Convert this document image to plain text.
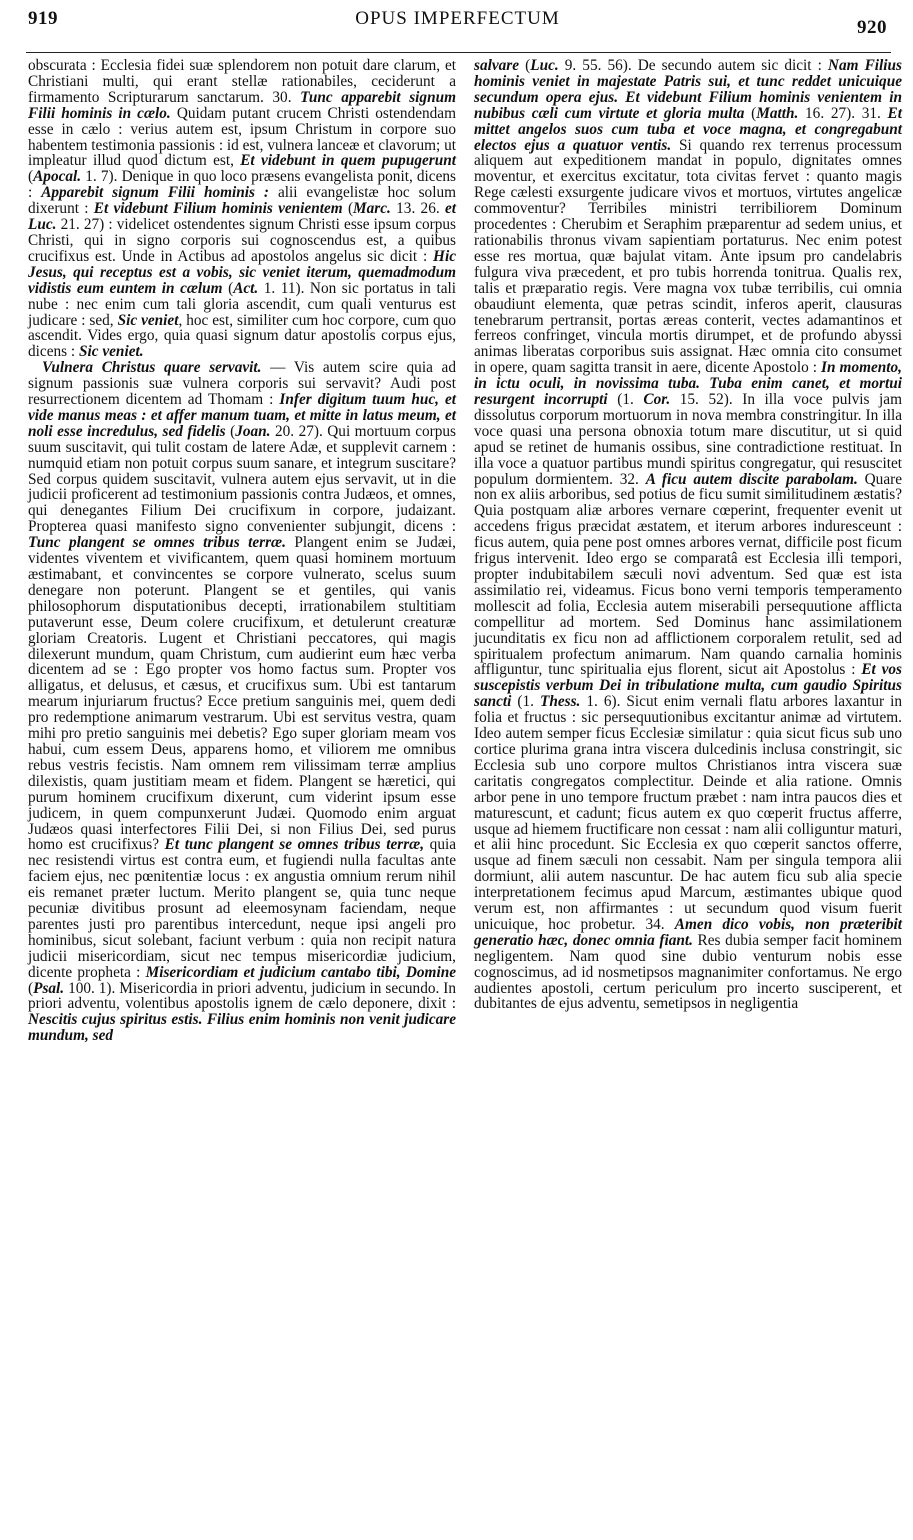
919	OPUS IMPERFECTUM	920

obscurata : Ecclesia fidei suæ splendorem non potuit dare clarum, et Christiani multi, qui erant stellæ rationabiles, ceciderunt a firmamento Scripturarum sanctarum. 30. Tunc apparebit signum Filii hominis in cælo. Quidam putant crucem Christi ostendendam esse in cælo : verius autem est, ipsum Christum in corpore suo habentem testimonia passionis : id est, vulnera lanceæ et clavorum; ut impleatur illud quod dictum est, Et videbunt in quem pupugerunt (Apocal. 1. 7). Denique in quo loco præsens evangelista ponit, dicens : Apparebit signum Filii hominis : alii evangelistæ hoc solum dixerunt : Et videbunt Filium hominis venientem (Marc. 13. 26. et Luc. 21. 27) : videlicet ostendentes signum Christi esse ipsum corpus Christi, qui in signo corporis sui cognoscendus est, a quibus crucifixus est. Unde in Actibus ad apostolos angelus sic dicit : Hic Jesus, qui receptus est a vobis, sic veniet iterum, quemadmodum vidistis eum euntem in cælum (Act. 1. 11). Non sic portatus in tali nube : nec enim cum tali gloria ascendit, cum quali venturus est judicare : sed, Sic veniet, hoc est, similiter cum hoc corpore, cum quo ascendit. Vides ergo, quia quasi signum datur apostolis corpus ejus, dicens : Sic veniet.

Vulnera Christus quare servavit. — Vis autem scire quia ad signum passionis suæ vulnera corporis sui servavit? Audi post resurrectionem dicentem ad Thomam : Infer digitum tuum huc, et vide manus meas : et affer manum tuam, et mitte in latus meum, et noli esse incredulus, sed fidelis (Joan. 20. 27). Qui mortuum corpus suum suscitavit, qui tulit costam de latere Adæ, et supplevit carnem : numquid etiam non potuit corpus suum sanare, et integrum suscitare? Sed corpus quidem suscitavit, vulnera autem ejus servavit, ut in die judicii proficerent ad testimonium passionis contra Judæos, et omnes, qui denegantes Filium Dei crucifixum in corpore, judaizant. Propterea quasi manifesto signo convenienter subjungit, dicens : Tunc plangent se omnes tribus terræ. Plangent enim se Judæi, videntes viventem et vivificantem, quem quasi hominem mortuum æstimabant, et convincentes se corpore vulnerato, scelus suum denegare non poterunt. Plangent se et gentiles, qui vanis philosophorum disputationibus decepti, irrationabilem stultitiam putaverunt esse, Deum colere crucifixum, et detulerunt creaturæ gloriam Creatoris. Lugent et Christiani peccatores, qui magis dilexerunt mundum, quam Christum, cum audierint eum hæc verba dicentem ad se : Ego propter vos homo factus sum. Propter vos alligatus, et delusus, et cæsus, et crucifixus sum. Ubi est tantarum mearum injuriarum fructus? Ecce pretium sanguinis mei, quem dedi pro redemptione animarum vestrarum. Ubi est servitus vestra, quam mihi pro pretio sanguinis mei debetis? Ego super gloriam meam vos habui, cum essem Deus, apparens homo, et viliorem me omnibus rebus vestris fecistis. Nam omnem rem vilissimam terræ amplius dilexistis, quam justitiam meam et fidem. Plangent se hæretici, qui purum hominem crucifixum dixerunt, cum viderint ipsum esse judicem, in quem compunxerunt Judæi. Quomodo enim arguat Judæos quasi interfectores Filii Dei, si non Filius Dei, sed purus homo est crucifixus? Et tunc plangent se omnes tribus terræ, quia nec resistendi virtus est contra eum, et fugiendi nulla facultas ante faciem ejus, nec pœnitentiæ locus : ex angustia omnium rerum nihil eis remanet præter luctum. Merito plangent se, quia tunc neque pecuniæ divitibus prosunt ad eleemosynam faciendam, neque parentes justi pro parentibus intercedunt, neque ipsi angeli pro hominibus, sicut solebant, faciunt verbum : quia non recipit natura judicii misericordiam, sicut nec tempus misericordiæ judicium, dicente propheta : Misericordiam et judicium cantabo tibi, Domine (Psal. 100. 1). Misericordia in priori adventu, judicium in secundo. In priori adventu, volentibus apostolis ignem de cælo deponere, dixit : Nescitis cujus spiritus estis. Filius enim hominis non venit judicare mundum, sed

salvare (Luc. 9. 55. 56). De secundo autem sic dicit : Nam Filius hominis veniet in majestate Patris sui, et tunc reddet unicuique secundum opera ejus. Et videbunt Filium hominis venientem in nubibus cæli cum virtute et gloria multa (Matth. 16. 27). 31. Et mittet angelos suos cum tuba et voce magna, et congregabunt electos ejus a quatuor ventis. Si quando rex terrenus processum aliquem aut expeditionem mandat in populo, dignitates omnes moventur, et exercitus excitatur, tota civitas fervet : quanto magis Rege cælesti exsurgente judicare vivos et mortuos, virtutes angelicæ commoventur? Terribiles ministri terribiliorem Dominum procedentes : Cherubim et Seraphim præparentur ad sedem unius, et rationabilis thronus vivam sapientiam portaturus. Nec enim potest esse res mortua, quæ bajulat vitam. Ante ipsum pro candelabris fulgura viva præcedent, et pro tubis horrenda tonitrua. Qualis rex, talis et præparatio regis. Vere magna vox tubæ terribilis, cui omnia obaudiunt elementa, quæ petras scindit, inferos aperit, clausuras tenebrarum pertransit, portas æreas conterit, vectes adamantinos et ferreos confringet, vincula mortis dirumpet, et de profundo abyssi animas liberatas corporibus suis assignat. Hæc omnia cito consumet in opere, quam sagitta transit in aere, dicente Apostolo : In momento, in ictu oculi, in novissima tuba. Tuba enim canet, et mortui resurgent incorrupti (1. Cor. 15. 52). In illa voce pulvis jam dissolutus corporum mortuorum in nova membra constringitur. In illa voce quasi una persona obnoxia totum mare discutitur, ut si quid apud se retinet de humanis ossibus, sine contradictione restituat. In illa voce a quatuor partibus mundi spiritus congregatur, qui resuscitet populum dormientem. 32. A ficu autem discite parabolam. Quare non ex aliis arboribus, sed potius de ficu sumit similitudinem æstatis? Quia postquam aliæ arbores vernare cœperint, frequenter evenit ut accedens frigus præcidat æstatem, et iterum arbores induresceunt : ficus autem, quia pene post omnes arbores vernat, difficile post ficum frigus intervenit. Ideo ergo se comparatâ est Ecclesia illi tempori, propter indubitabilem sæculi novi adventum. Sed quæ est ista assimilatio rei, videamus. Ficus bono verni temporis temperamento mollescit ad folia, Ecclesia autem miserabili persequutione afflicta compellitur ad mortem. Sed Dominus hanc assimilationem jucunditatis ex ficu non ad afflictionem corporalem retulit, sed ad spiritualem profectum animarum. Nam quando carnalia hominis affliguntur, tunc spiritualia ejus florent, sicut ait Apostolus : Et vos suscepistis verbum Dei in tribulatione multa, cum gaudio Spiritus sancti (1. Thess. 1. 6). Sicut enim vernali flatu arbores laxantur in folia et fructus : sic persequutionibus excitantur animæ ad virtutem. Ideo autem semper ficus Ecclesiæ similatur : quia sicut ficus sub uno cortice plurima grana intra viscera dulcedinis inclusa constringit, sic Ecclesia sub uno corpore multos Christianos intra viscera suæ caritatis congregatos complectitur. Deinde et alia ratione. Omnis arbor pene in uno tempore fructum præbet : nam intra paucos dies et maturescunt, et cadunt; ficus autem ex quo cœperit fructus afferre, usque ad hiemem fructificare non cessat : nam alii colliguntur maturi, et alii hinc procedunt. Sic Ecclesia ex quo cœperit sanctos offerre, usque ad finem sæculi non cessabit. Nam per singula tempora alii dormiunt, alii autem nascuntur. De hac autem ficu sub alia specie interpretationem fecimus apud Marcum, æstimantes ubique quod verum est, non affirmantes : ut secundum quod visum fuerit unicuique, hoc probetur. 34. Amen dico vobis, non præteribit generatio hæc, donec omnia fiant. Res dubia semper facit hominem negligentem. Nam quod sine dubio venturum nobis esse cognoscimus, ad id nosmetipsos magnanimiter confortamus. Ne ergo audientes apostoli, certum periculum pro incerto susciperent, et dubitantes de ejus adventu, semetipsos in negligentia
